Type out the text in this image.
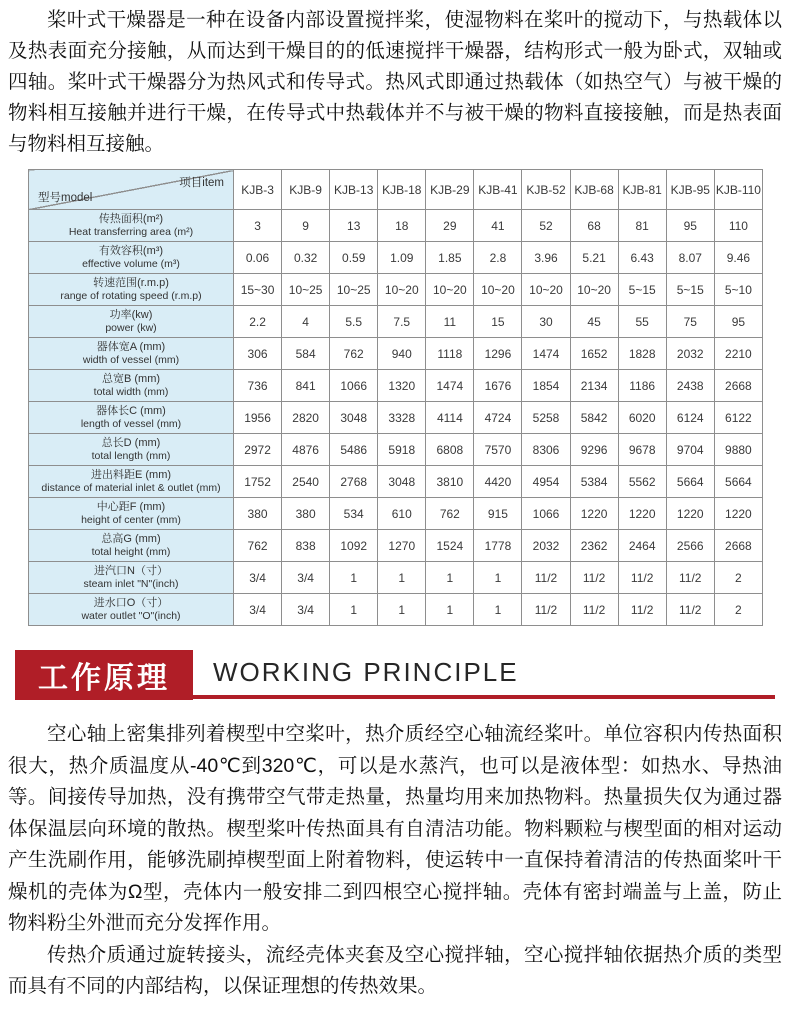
桨叶式干燥器是一种在设备内部设置搅拌桨，使湿物料在桨叶的搅动下，与热载体以及热表面充分接触，从而达到干燥目的的低速搅拌干燥器，结构形式一般为卧式，双轴或四轴。桨叶式干燥器分为热风式和传导式。热风式即通过热载体（如热空气）与被干燥的物料相互接触并进行干燥，在传导式中热载体并不与被干燥的物料直接接触，而是热表面与物料相互接触。

项目item
型号model	KJB-3	KJB-9	KJB-13	KJB-18	KJB-29	KJB-41	KJB-52	KJB-68	KJB-81	KJB-95	KJB-110

传热面积(m²)
Heat transferring area (m²)	3	9	13	18	29	41	52	68	81	95	110

有效容积(m³)
effective volume (m³)	0.06	0.32	0.59	1.09	1.85	2.8	3.96	5.21	6.43	8.07	9.46

转速范围(r.m.p)
range of rotating speed (r.m.p)	15~30	10~25	10~25	10~20	10~20	10~20	10~20	10~20	5~15	5~15	5~10

功率(kw)
power (kw)	2.2	4	5.5	7.5	11	15	30	45	55	75	95

器体宽A (mm)
width of vessel (mm)	306	584	762	940	1118	1296	1474	1652	1828	2032	2210

总宽B (mm)
total width (mm)	736	841	1066	1320	1474	1676	1854	2134	1186	2438	2668

器体长C (mm)
length of vessel (mm)	1956	2820	3048	3328	4114	4724	5258	5842	6020	6124	6122

总长D (mm)
total length (mm)	2972	4876	5486	5918	6808	7570	8306	9296	9678	9704	9880

进出料距E (mm)
distance of material inlet & outlet (mm)	1752	2540	2768	3048	3810	4420	4954	5384	5562	5664	5664

中心距F (mm)
height of center (mm)	380	380	534	610	762	915	1066	1220	1220	1220	1220

总高G (mm)
total height (mm)	762	838	1092	1270	1524	1778	2032	2362	2464	2566	2668

进汽口N（寸）
steam inlet "N"(inch)	3/4	3/4	1	1	1	1	11/2	11/2	11/2	11/2	2

进水口O（寸）
water outlet "O"(inch)	3/4	3/4	1	1	1	1	11/2	11/2	11/2	11/2	2
工作原理 WORKING PRINCIPLE

空心轴上密集排列着楔型中空桨叶，热介质经空心轴流经桨叶。单位容积内传热面积很大，热介质温度从-40℃到320℃，可以是水蒸汽，也可以是液体型：如热水、导热油等。间接传导加热，没有携带空气带走热量，热量均用来加热物料。热量损失仅为通过器体保温层向环境的散热。楔型桨叶传热面具有自清洁功能。物料颗粒与楔型面的相对运动产生洗刷作用，能够洗刷掉楔型面上附着物料，使运转中一直保持着清洁的传热面桨叶干燥机的壳体为Ω型，壳体内一般安排二到四根空心搅拌轴。壳体有密封端盖与上盖，防止物料粉尘外泄而充分发挥作用。

传热介质通过旋转接头，流经壳体夹套及空心搅拌轴，空心搅拌轴依据热介质的类型而具有不同的内部结构，以保证理想的传热效果。
